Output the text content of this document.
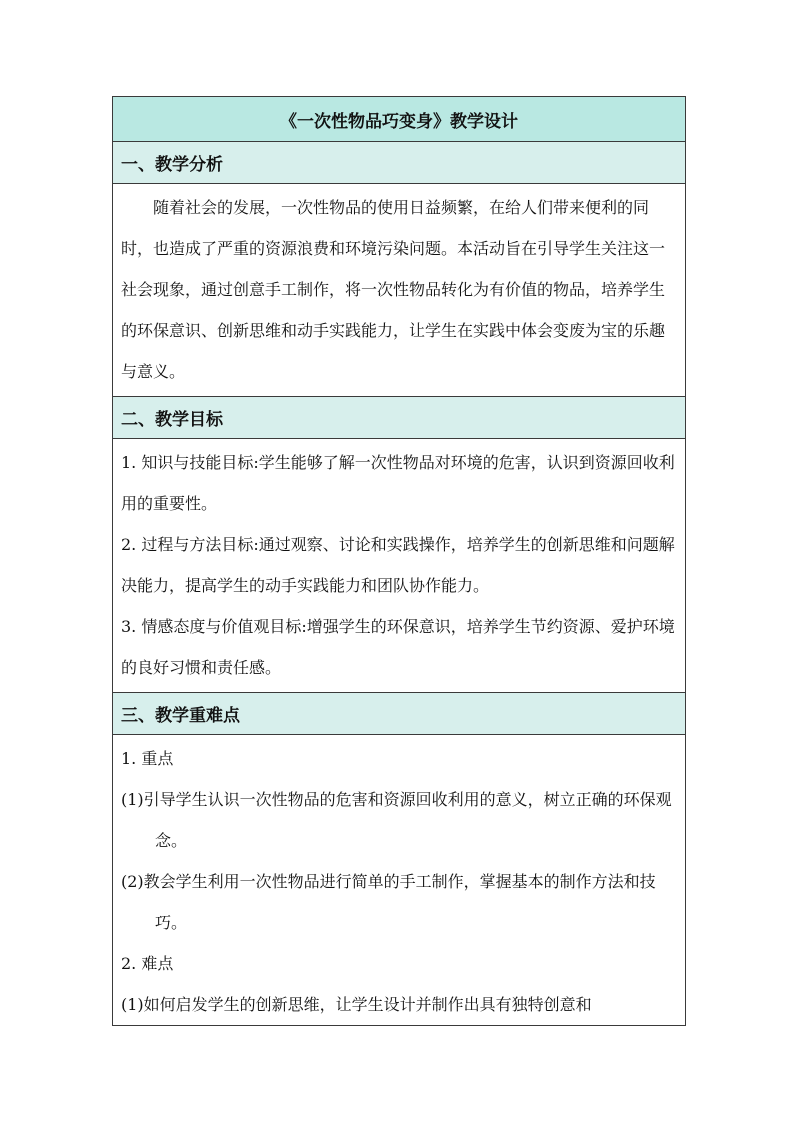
《一次性物品巧变身》教学设计
一、教学分析

随着社会的发展，一次性物品的使用日益频繁，在给人们带来便利的同时，也造成了严重的资源浪费和环境污染问题。本活动旨在引导学生关注这一社会现象，通过创意手工制作，将一次性物品转化为有价值的物品，培养学生的环保意识、创新思维和动手实践能力，让学生在实践中体会变废为宝的乐趣与意义。

二、教学目标

1. 知识与技能目标:学生能够了解一次性物品对环境的危害，认识到资源回收利用的重要性。

2. 过程与方法目标:通过观察、讨论和实践操作，培养学生的创新思维和问题解决能力，提高学生的动手实践能力和团队协作能力。

3. 情感态度与价值观目标:增强学生的环保意识，培养学生节约资源、爱护环境的良好习惯和责任感。

三、教学重难点

1. 重点

(1)引导学生认识一次性物品的危害和资源回收利用的意义，树立正确的环保观念。

(2)教会学生利用一次性物品进行简单的手工制作，掌握基本的制作方法和技巧。

2. 难点

(1)如何启发学生的创新思维，让学生设计并制作出具有独特创意和
